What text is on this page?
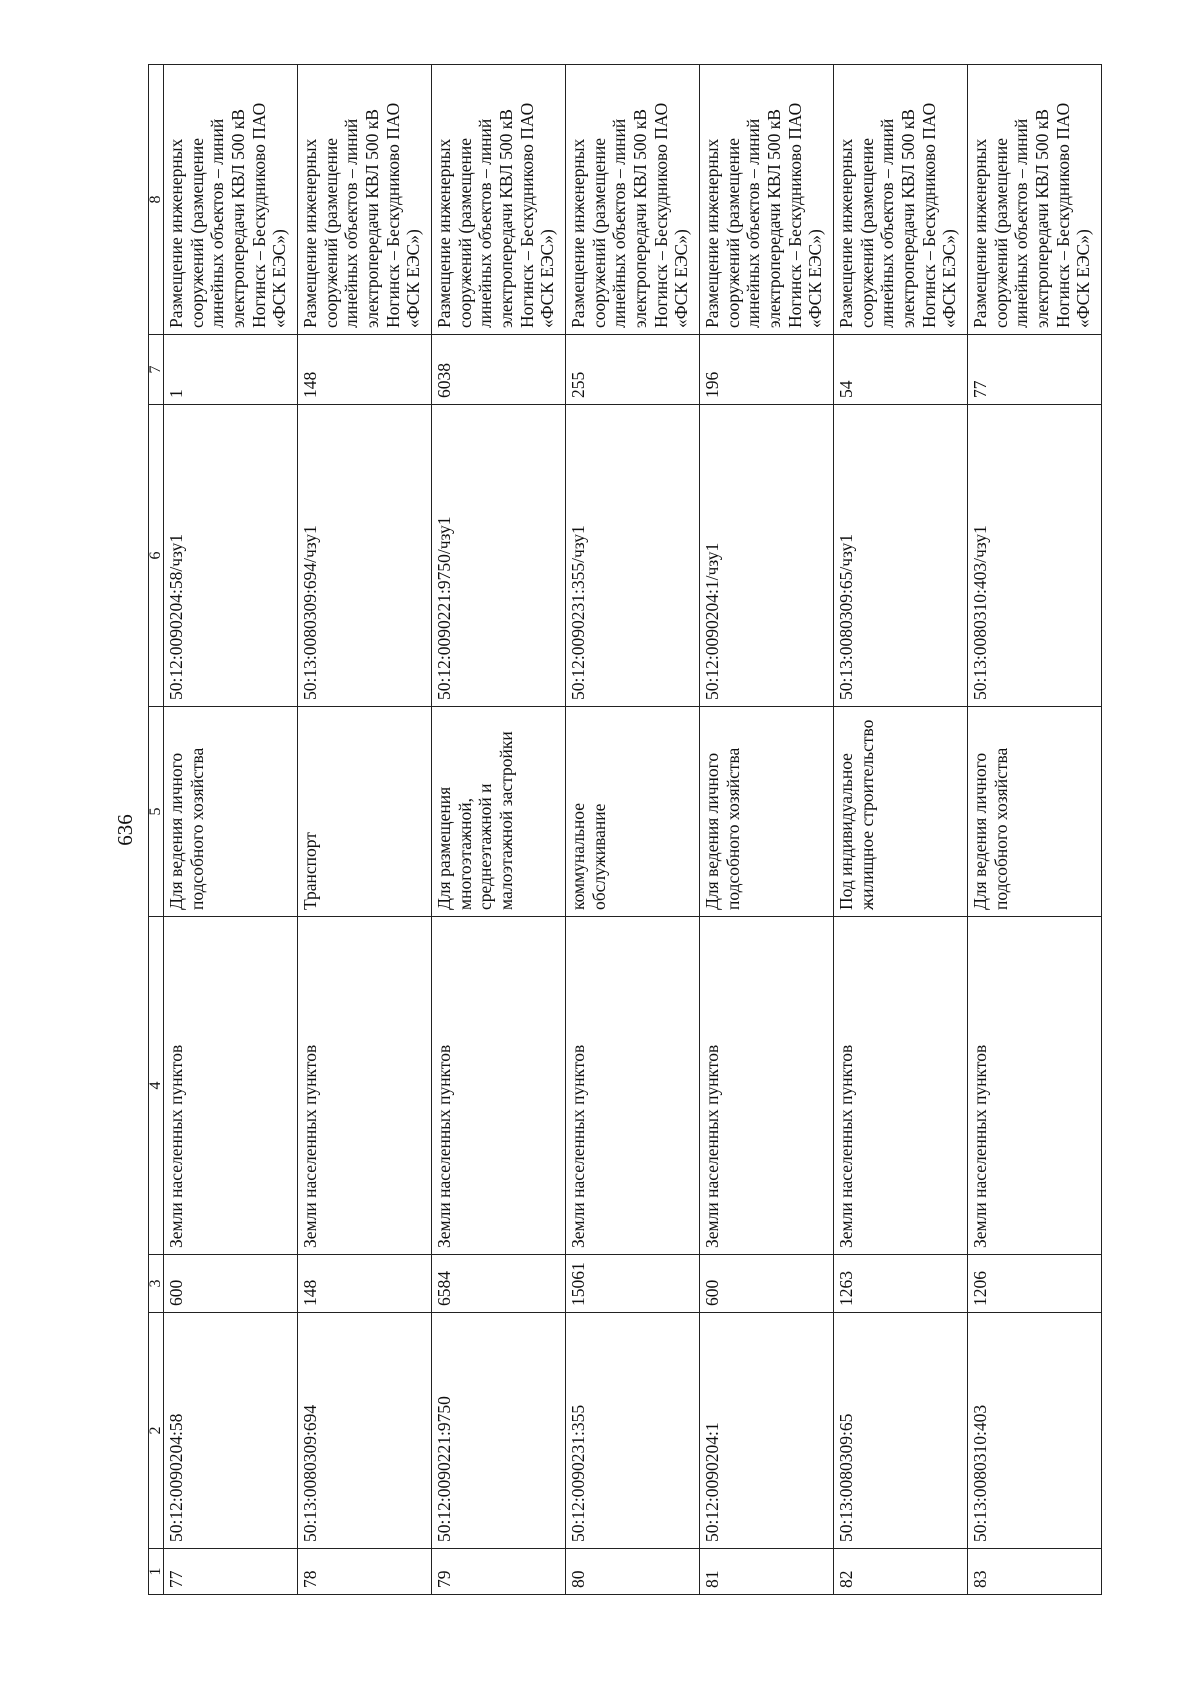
636
1	2	3	4	5	6	7	8
77	50:12:0090204:58	600	Земли населенных пунктов	Для ведения личного подсобного хозяйства	50:12:0090204:58/чзу1	1	Размещение инженерных сооружений (размещение линейных объектов – линий электропередачи КВЛ 500 кВ Ногинск – Бескудниково ПАО «ФСК ЕЭС»)
78	50:13:0080309:694	148	Земли населенных пунктов	Транспорт	50:13:0080309:694/чзу1	148	Размещение инженерных сооружений (размещение линейных объектов – линий электропередачи КВЛ 500 кВ Ногинск – Бескудниково ПАО «ФСК ЕЭС»)
79	50:12:0090221:9750	6584	Земли населенных пунктов	Для размещения многоэтажной, среднеэтажной и малоэтажной застройки	50:12:0090221:9750/чзу1	6038	Размещение инженерных сооружений (размещение линейных объектов – линий электропередачи КВЛ 500 кВ Ногинск – Бескудниково ПАО «ФСК ЕЭС»)
80	50:12:0090231:355	15061	Земли населенных пунктов	коммунальное обслуживание	50:12:0090231:355/чзу1	255	Размещение инженерных сооружений (размещение линейных объектов – линий электропередачи КВЛ 500 кВ Ногинск – Бескудниково ПАО «ФСК ЕЭС»)
81	50:12:0090204:1	600	Земли населенных пунктов	Для ведения личного подсобного хозяйства	50:12:0090204:1/чзу1	196	Размещение инженерных сооружений (размещение линейных объектов – линий электропередачи КВЛ 500 кВ Ногинск – Бескудниково ПАО «ФСК ЕЭС»)
82	50:13:0080309:65	1263	Земли населенных пунктов	Под индивидуальное жилищное строительство	50:13:0080309:65/чзу1	54	Размещение инженерных сооружений (размещение линейных объектов – линий электропередачи КВЛ 500 кВ Ногинск – Бескудниково ПАО «ФСК ЕЭС»)
83	50:13:0080310:403	1206	Земли населенных пунктов	Для ведения личного подсобного хозяйства	50:13:0080310:403/чзу1	77	Размещение инженерных сооружений (размещение линейных объектов – линий электропередачи КВЛ 500 кВ Ногинск – Бескудниково ПАО «ФСК ЕЭС»)
